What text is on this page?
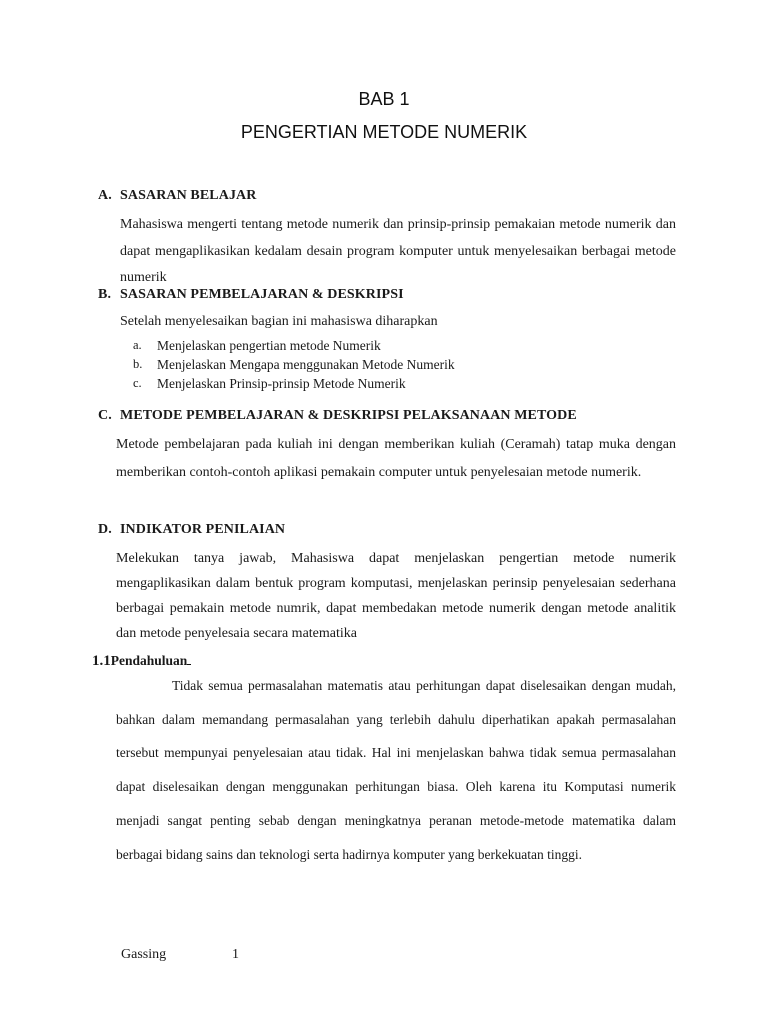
BAB 1
PENGERTIAN METODE NUMERIK
A. SASARAN BELAJAR
Mahasiswa mengerti tentang metode numerik dan prinsip-prinsip pemakaian metode numerik dan dapat mengaplikasikan kedalam desain program komputer untuk menyelesaikan berbagai metode numerik
B. SASARAN PEMBELAJARAN & DESKRIPSI
Setelah menyelesaikan bagian ini mahasiswa diharapkan
a. Menjelaskan pengertian metode Numerik
b. Menjelaskan Mengapa menggunakan Metode Numerik
c. Menjelaskan Prinsip-prinsip Metode Numerik
C. METODE PEMBELAJARAN & DESKRIPSI PELAKSANAAN METODE
Metode pembelajaran pada kuliah ini dengan memberikan kuliah (Ceramah) tatap muka dengan memberikan contoh-contoh aplikasi pemakain computer untuk penyelesaian metode numerik.
D. INDIKATOR PENILAIAN
Melekukan tanya jawab, Mahasiswa dapat menjelaskan pengertian metode numerik mengaplikasikan dalam bentuk program komputasi, menjelaskan perinsip penyelesaian sederhana berbagai pemakain metode numrik, dapat membedakan metode numerik dengan metode analitik dan metode penyelesaia secara matematika
1.1Pendahuluan
Tidak semua permasalahan matematis atau perhitungan dapat diselesaikan dengan mudah, bahkan dalam memandang permasalahan yang terlebih dahulu diperhatikan apakah permasalahan tersebut mempunyai penyelesaian atau tidak. Hal ini menjelaskan bahwa tidak semua permasalahan dapat diselesaikan dengan menggunakan perhitungan biasa. Oleh karena itu Komputasi numerik menjadi sangat penting sebab dengan meningkatnya peranan metode-metode matematika dalam berbagai bidang sains dan teknologi serta hadirnya komputer yang berkekuatan tinggi.
Gassing	1
